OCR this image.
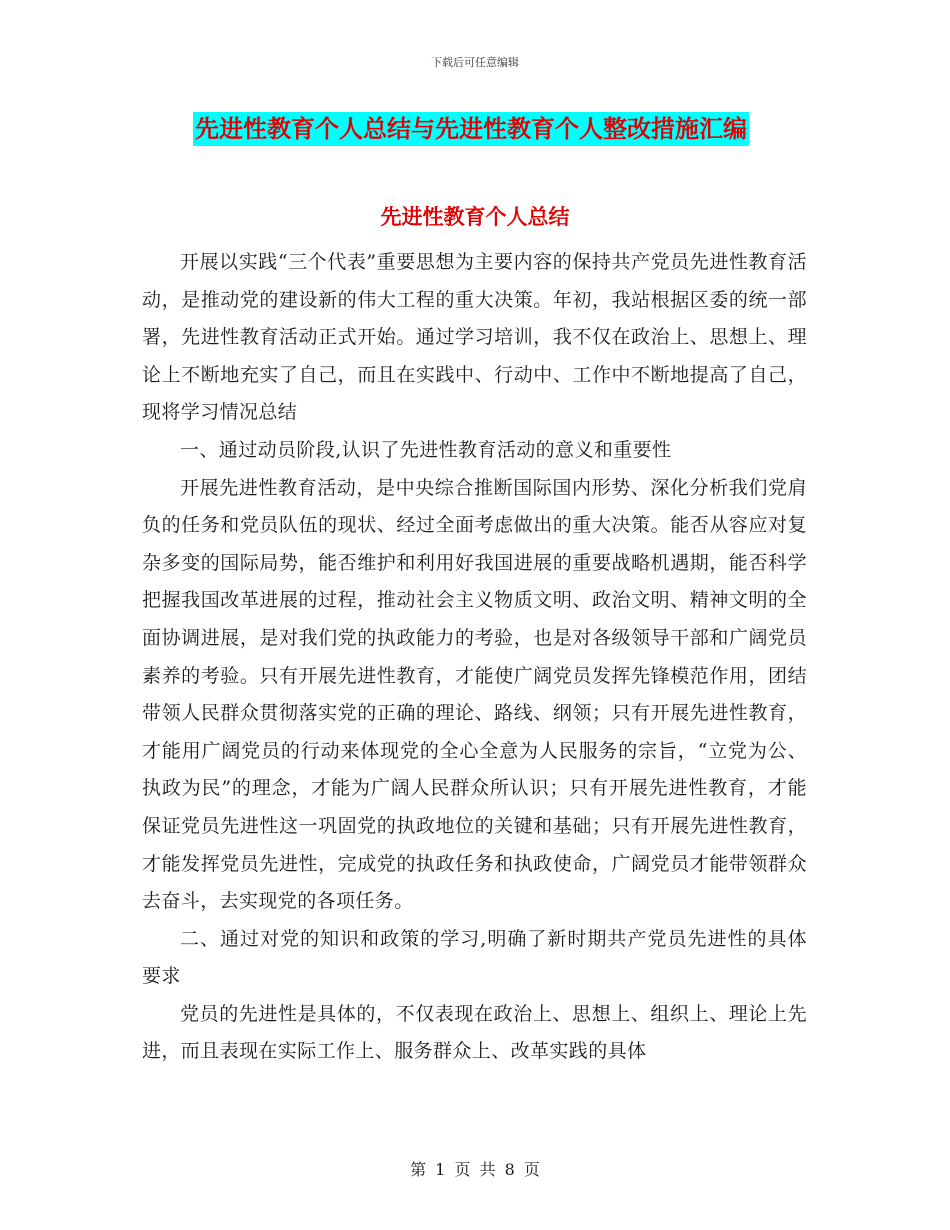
下载后可任意编辑
先进性教育个人总结与先进性教育个人整改措施汇编
先进性教育个人总结

开展以实践“三个代表”重要思想为主要内容的保持共产党员先进性教育活动，是推动党的建设新的伟大工程的重大决策。年初，我站根据区委的统一部署，先进性教育活动正式开始。通过学习培训，我不仅在政治上、思想上、理论上不断地充实了自己，而且在实践中、行动中、工作中不断地提高了自己，现将学习情况总结

一、通过动员阶段,认识了先进性教育活动的意义和重要性

开展先进性教育活动，是中央综合推断国际国内形势、深化分析我们党肩负的任务和党员队伍的现状、经过全面考虑做出的重大决策。能否从容应对复杂多变的国际局势，能否维护和利用好我国进展的重要战略机遇期，能否科学把握我国改革进展的过程，推动社会主义物质文明、政治文明、精神文明的全面协调进展，是对我们党的执政能力的考验，也是对各级领导干部和广阔党员素养的考验。只有开展先进性教育，才能使广阔党员发挥先锋模范作用，团结带领人民群众贯彻落实党的正确的理论、路线、纲领；只有开展先进性教育，才能用广阔党员的行动来体现党的全心全意为人民服务的宗旨，“立党为公、执政为民”的理念，才能为广阔人民群众所认识；只有开展先进性教育，才能保证党员先进性这一巩固党的执政地位的关键和基础；只有开展先进性教育，才能发挥党员先进性，完成党的执政任务和执政使命，广阔党员才能带领群众去奋斗，去实现党的各项任务。

二、通过对党的知识和政策的学习,明确了新时期共产党员先进性的具体要求

党员的先进性是具体的，不仅表现在政治上、思想上、组织上、理论上先进，而且表现在实际工作上、服务群众上、改革实践的具体

第 1 页 共 8 页
